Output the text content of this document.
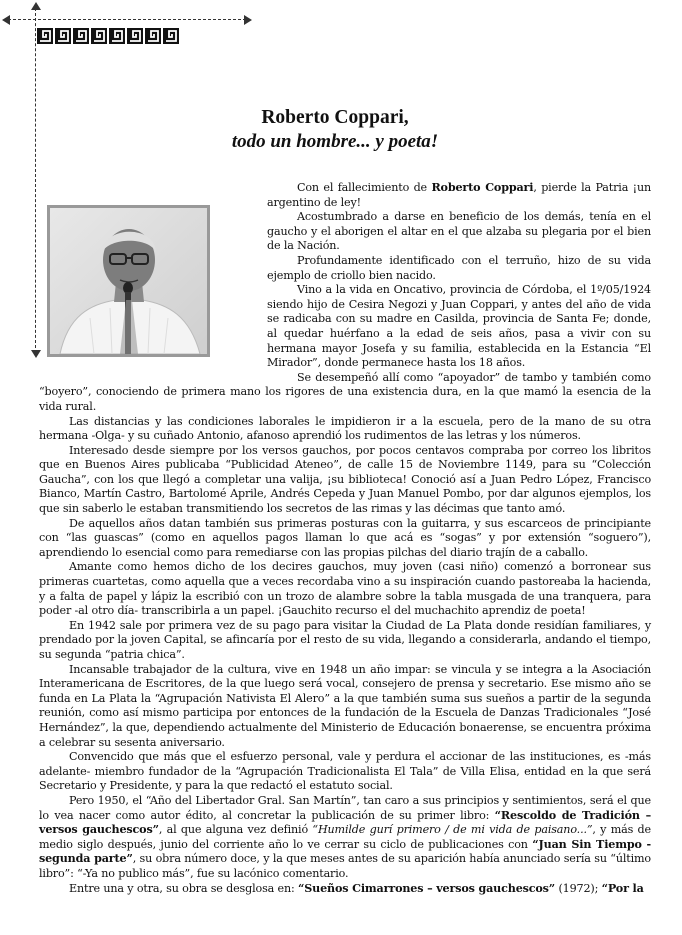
Roberto Coppari,
todo un hombre... y poeta!

Con el fallecimiento de Roberto Coppari, pierde la Patria ¡un argentino de ley!

Acostumbrado a darse en beneficio de los demás, tenía en el gaucho y el aborigen el altar en el que alzaba su plegaria por el bien de la Nación.

Profundamente identificado con el terruño, hizo de su vida ejemplo de criollo bien nacido.

Vino a la vida en Oncativo, provincia de Córdoba, el 1º/05/1924 siendo hijo de Cesira Negozi y Juan Coppari, y antes del año de vida se radicaba con su madre en Casilda, provincia de Santa Fe; donde, al quedar huérfano a la edad de seis años, pasa a vivir con su hermana mayor Josefa y su familia, establecida en la Estancia “El Mirador”, donde permanece hasta los 18 años.

Se desempeñó allí como “apoyador” de tambo y también como “boyero”, conociendo de primera mano los rigores de una existencia dura, en la que mamó la esencia de la vida rural.

Las distancias y las condiciones laborales le impidieron ir a la escuela, pero de la mano de su otra hermana -Olga- y su cuñado Antonio, afanoso aprendió los rudimentos de las letras y los números.

Interesado desde siempre por los versos gauchos, por pocos centavos compraba por correo los libritos que en Buenos Aires publicaba “Publicidad Ateneo”, de calle 15 de Noviembre 1149, para su “Colección Gaucha”, con los que llegó a completar una valija, ¡su biblioteca! Conoció así a Juan Pedro López, Francisco Bianco, Martín Castro, Bartolomé Aprile, Andrés Cepeda y Juan Manuel Pombo, por dar algunos ejemplos, los que sin saberlo le estaban transmitiendo los secretos de las rimas y las décimas que tanto amó.

De aquellos años datan también sus primeras posturas con la guitarra, y sus escarceos de principiante con “las guascas” (como en aquellos pagos llaman lo que acá es “sogas” y por extensión “soguero”), aprendiendo lo esencial como para remediarse con las propias pilchas del diario trajín de a caballo.

Amante como hemos dicho de los decires gauchos, muy joven (casi niño) comenzó a borronear sus primeras cuartetas, como aquella que a veces recordaba vino a su inspiración cuando pastoreaba la hacienda, y a falta de papel y lápiz la escribió con un trozo de alambre sobre la tabla musgada de una tranquera, para poder -al otro día- transcribirla a un papel. ¡Gauchito recurso el del muchachito aprendiz de poeta!

En 1942 sale por primera vez de su pago para visitar la Ciudad de La Plata donde residían familiares, y prendado por la joven Capital, se afincaría por el resto de su vida, llegando a considerarla, andando el tiempo, su segunda “patria chica”.

Incansable trabajador de la cultura, vive en 1948 un año impar: se vincula y se integra a la Asociación Interamericana de Escritores, de la que luego será vocal, consejero de prensa y secretario. Ese mismo año se funda en La Plata la “Agrupación Nativista El Alero” a la que también suma sus sueños a partir de la segunda reunión, como así mismo participa por entonces de la fundación de la Escuela de Danzas Tradicionales “José Hernández”, la que, dependiendo actualmente del Ministerio de Educación bonaerense, se encuentra próxima a celebrar su sesenta aniversario.

Convencido que más que el esfuerzo personal, vale y perdura el accionar de las instituciones, es -más adelante- miembro fundador de la “Agrupación Tradicionalista El Tala” de Villa Elisa, entidad en la que será Secretario y Presidente, y para la que redactó el estatuto social.

Pero 1950, el “Año del Libertador Gral. San Martín”, tan caro a sus principios y sentimientos, será el que lo vea nacer como autor édito, al concretar la publicación de su primer libro: “Rescoldo de Tradición – versos gauchescos”, al que alguna vez definió “Humilde gurí primero / de mi vida de paisano...”, y más de medio siglo después, junio del corriente año lo ve cerrar su ciclo de publicaciones con “Juan Sin Tiempo - segunda parte”, su obra número doce, y la que meses antes de su aparición había anunciado sería su “último libro”: “-Ya no publico más”, fue su lacónico comentario.

Entre una y otra, su obra se desglosa en: “Sueños Cimarrones – versos gauchescos” (1972); “Por la
